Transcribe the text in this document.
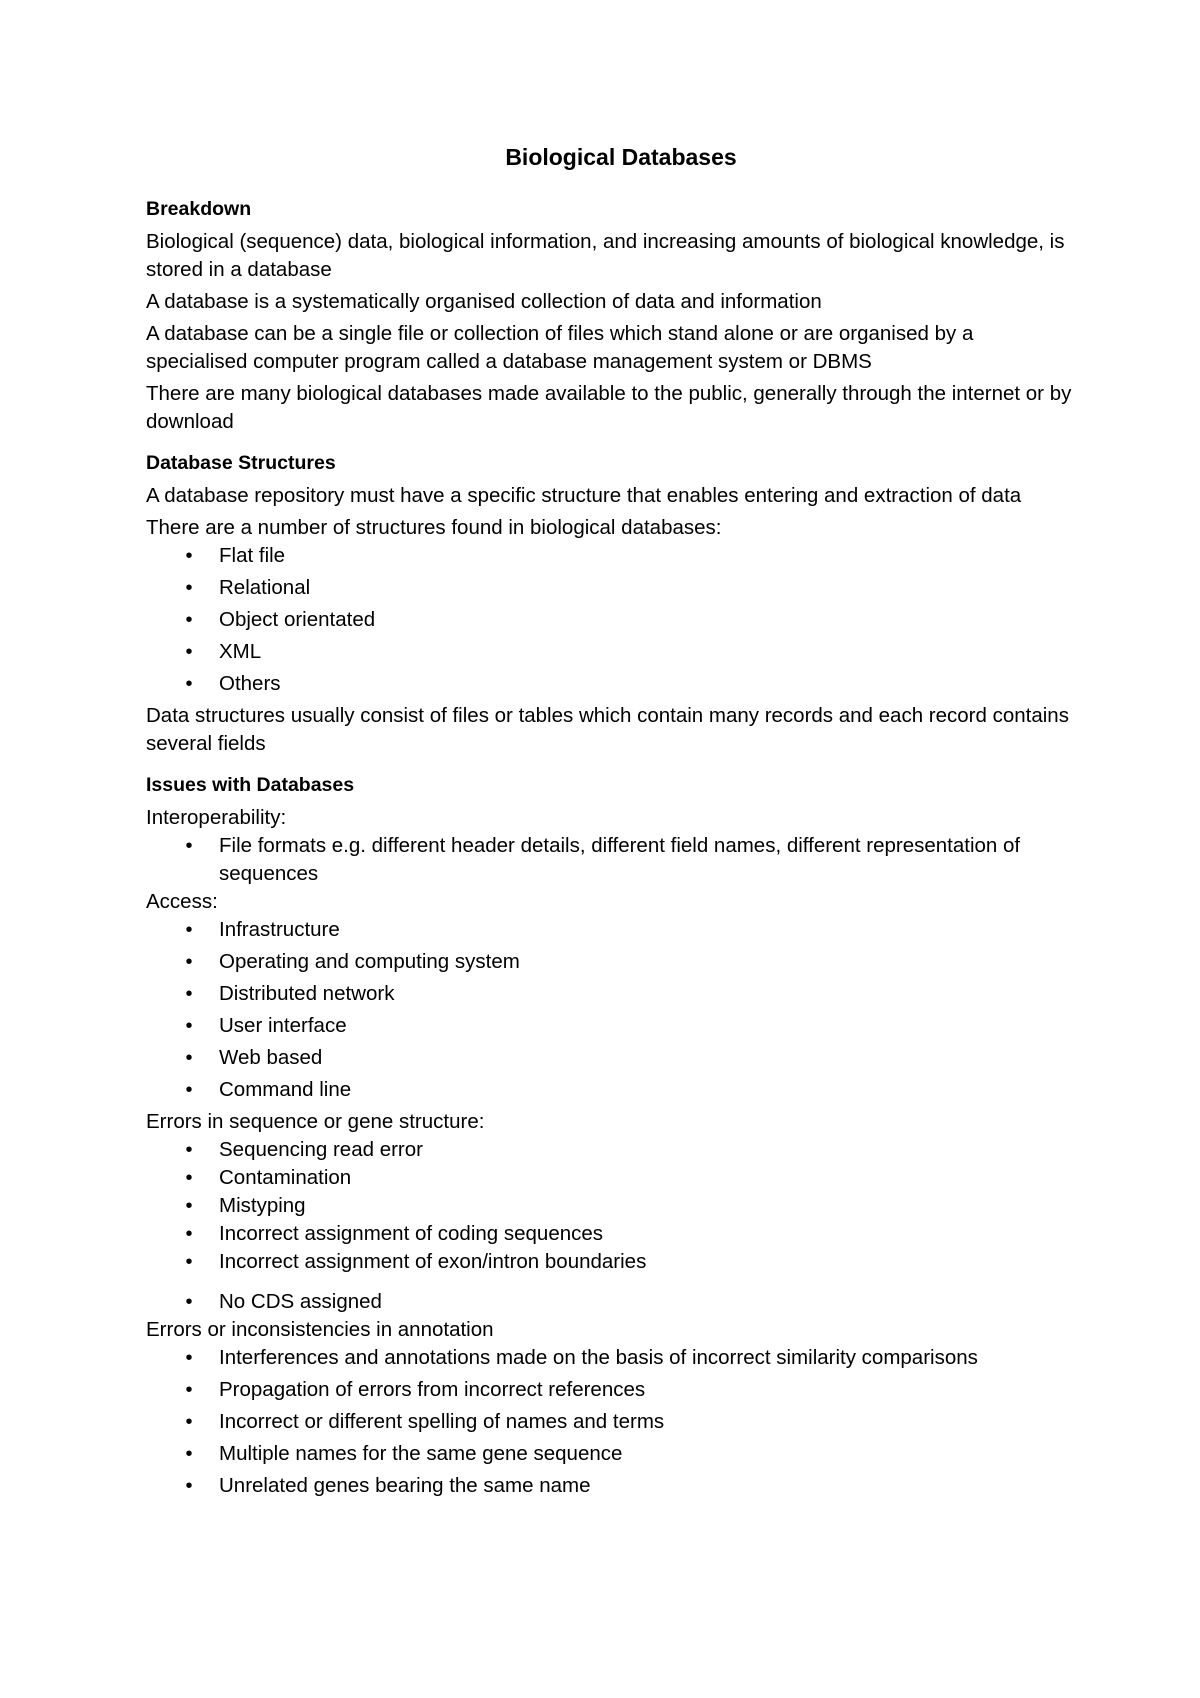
Biological Databases
Breakdown

Biological (sequence) data, biological information, and increasing amounts of biological knowledge, is stored in a database

A database is a systematically organised collection of data and information

A database can be a single file or collection of files which stand alone or are organised by a specialised computer program called a database management system or DBMS

There are many biological databases made available to the public, generally through the internet or by download

Database Structures

A database repository must have a specific structure that enables entering and extraction of data

There are a number of structures found in biological databases:

• Flat file
• Relational
• Object orientated
• XML
• Others

Data structures usually consist of files or tables which contain many records and each record contains several fields

Issues with Databases

Interoperability:

• File formats e.g. different header details, different field names, different representation of sequences

Access:

• Infrastructure
• Operating and computing system
• Distributed network
• User interface
• Web based
• Command line

Errors in sequence or gene structure:

• Sequencing read error
• Contamination
• Mistyping
• Incorrect assignment of coding sequences
• Incorrect assignment of exon/intron boundaries
• No CDS assigned

Errors or inconsistencies in annotation

• Interferences and annotations made on the basis of incorrect similarity comparisons
• Propagation of errors from incorrect references
• Incorrect or different spelling of names and terms
• Multiple names for the same gene sequence
• Unrelated genes bearing the same name
